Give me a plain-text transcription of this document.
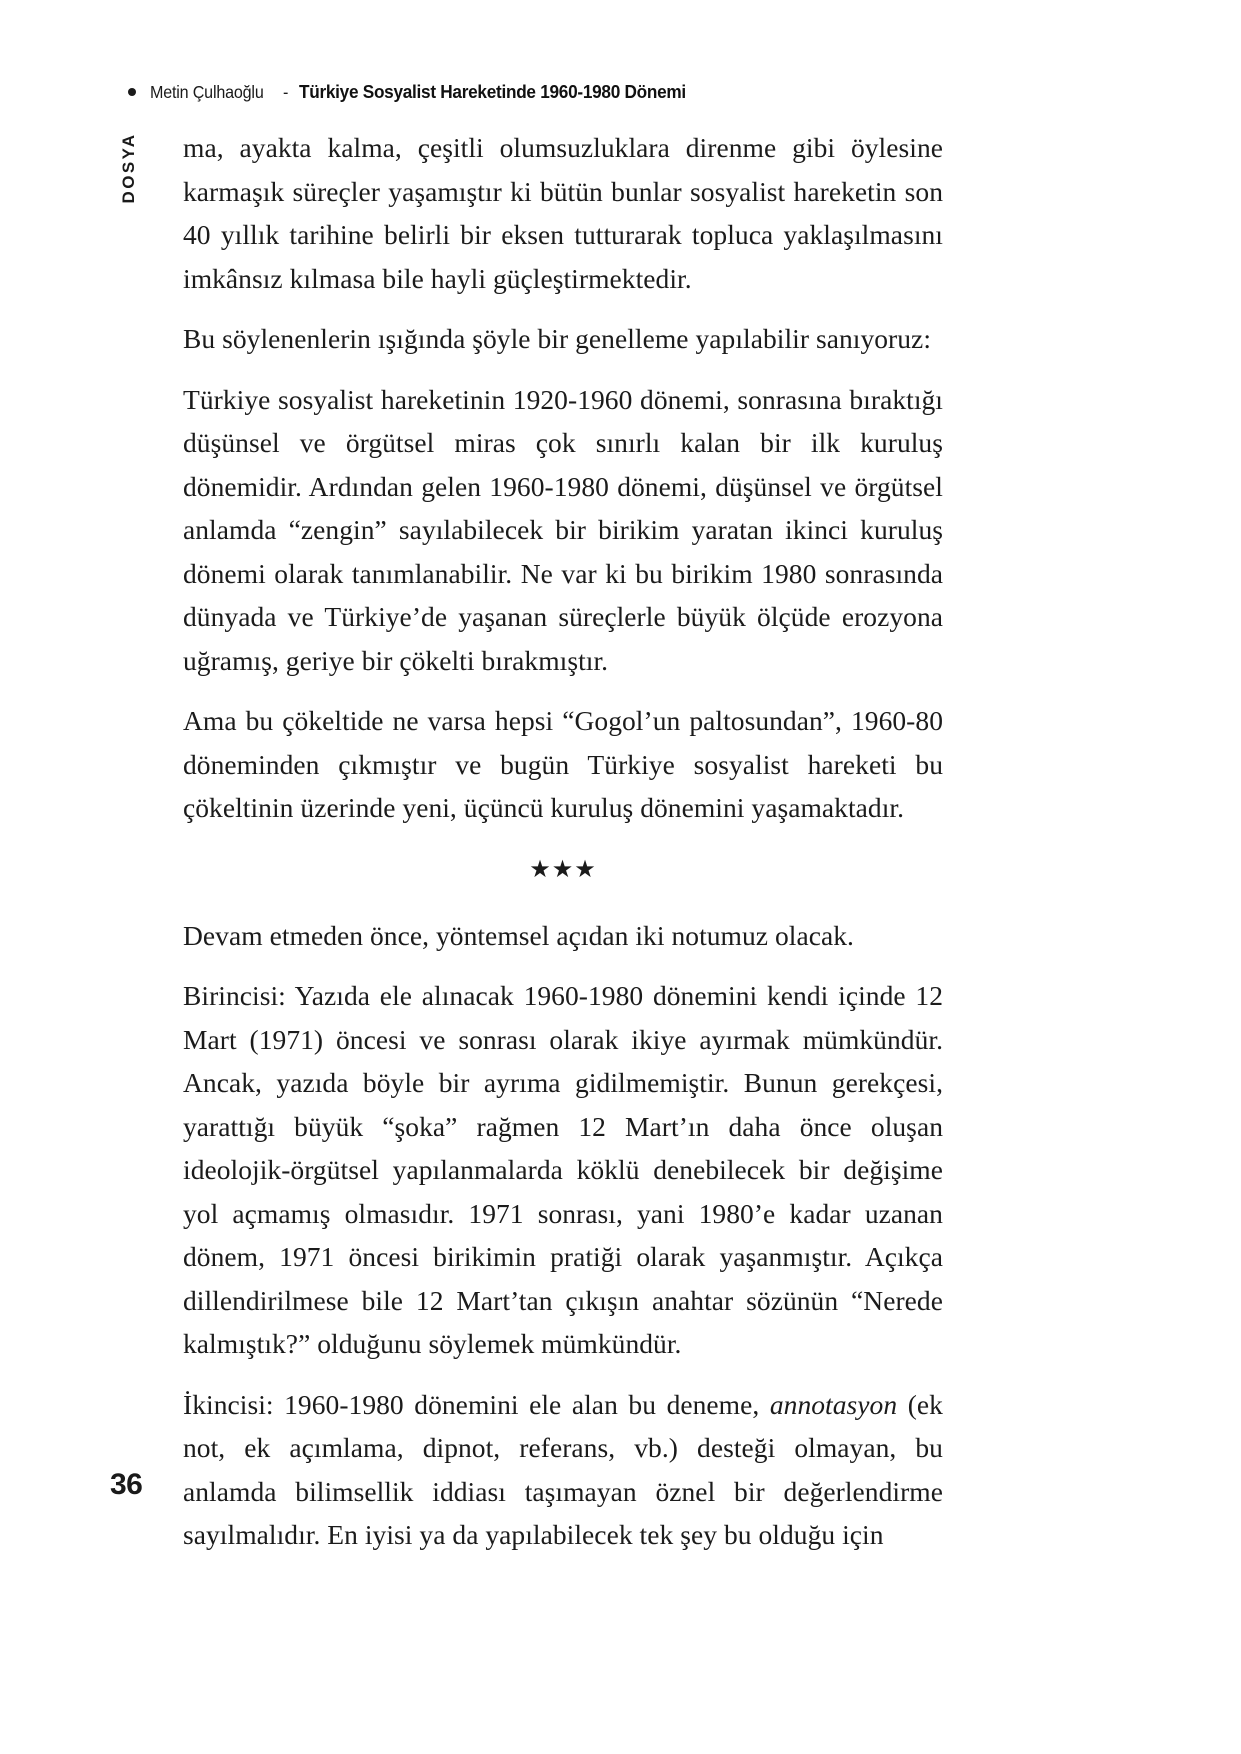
Metin Çulhaoğlu - Türkiye Sosyalist Hareketinde 1960-1980 Dönemi
DOSYA ma, ayakta kalma, çeşitli olumsuzluklara direnme gibi öylesine karmaşık süreçler yaşamıştır ki bütün bunlar sosyalist hareketin son 40 yıllık tarihine belirli bir eksen tutturarak topluca yaklaşılmasını imkânsız kılmasa bile hayli güçleştirmektedir.

Bu söylenenlerin ışığında şöyle bir genelleme yapılabilir sanıyoruz:

Türkiye sosyalist hareketinin 1920-1960 dönemi, sonrasına bıraktığı düşünsel ve örgütsel miras çok sınırlı kalan bir ilk kuruluş dönemidir. Ardından gelen 1960-1980 dönemi, düşünsel ve örgütsel anlamda “zengin” sayılabilecek bir birikim yaratan ikinci kuruluş dönemi olarak tanımlanabilir. Ne var ki bu birikim 1980 sonrasında dünyada ve Türkiye’de yaşanan süreçlerle büyük ölçüde erozyona uğramış, geriye bir çökelti bırakmıştır.

Ama bu çökeltide ne varsa hepsi “Gogol’un paltosundan”, 1960-80 döneminden çıkmıştır ve bugün Türkiye sosyalist hareketi bu çökeltinin üzerinde yeni, üçüncü kuruluş dönemini yaşamaktadır.

★★★

Devam etmeden önce, yöntemsel açıdan iki notumuz olacak.

Birincisi: Yazıda ele alınacak 1960-1980 dönemini kendi içinde 12 Mart (1971) öncesi ve sonrası olarak ikiye ayırmak mümkündür. Ancak, yazıda böyle bir ayrıma gidilmemiştir. Bunun gerekçesi, yarattığı büyük “şoka” rağmen 12 Mart’ın daha önce oluşan ideolojik-örgütsel yapılanmalarda köklü denebilecek bir değişime yol açmamış olmasıdır. 1971 sonrası, yani 1980’e kadar uzanan dönem, 1971 öncesi birikimin pratiği olarak yaşanmıştır. Açıkça dillendirilmese bile 12 Mart’tan çıkışın anahtar sözünün “Nerede kalmıştık?” olduğunu söylemek mümkündür.

İkincisi: 1960-1980 dönemini ele alan bu deneme, annotasyon (ek not, ek açımlama, dipnot, referans, vb.) desteği olmayan, bu anlamda bilimsellik iddiası taşımayan öznel bir değerlendirme sayılmalıdır. En iyisi ya da yapılabilecek tek şey bu olduğu için

36
